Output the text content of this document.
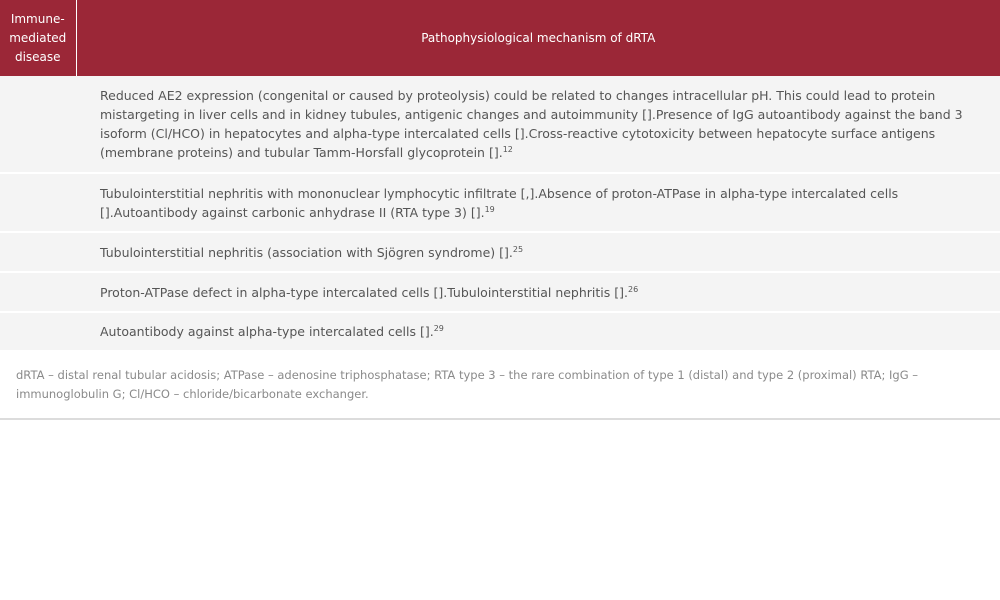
Immune-mediated disease	Pathophysiological mechanism of dRTA
	Reduced AE2 expression (congenital or caused by proteolysis) could be related to changes intracellular pH. This could lead to protein mistargeting in liver cells and in kidney tubules, antigenic changes and autoimmunity [].Presence of IgG autoantibody against the band 3 isoform (Cl/HCO) in hepatocytes and alpha-type intercalated cells [].Cross-reactive cytotoxicity between hepatocyte surface antigens (membrane proteins) and tubular Tamm-Horsfall glycoprotein [].$^{12}$
	Tubulointerstitial nephritis with mononuclear lymphocytic infiltrate [,].Absence of proton-ATPase in alpha-type intercalated cells [].Autoantibody against carbonic anhydrase II (RTA type 3) [].$^{19}$
	Tubulointerstitial nephritis (association with Sjögren syndrome) [].$^{25}$
	Proton-ATPase defect in alpha-type intercalated cells [].Tubulointerstitial nephritis [].$^{26}$
	Autoantibody against alpha-type intercalated cells [].$^{29}$
dRTA – distal renal tubular acidosis; ATPase – adenosine triphosphatase; RTA type 3 – the rare combination of type 1 (distal) and type 2 (proximal) RTA; IgG – immunoglobulin G; Cl/HCO – chloride/bicarbonate exchanger.
